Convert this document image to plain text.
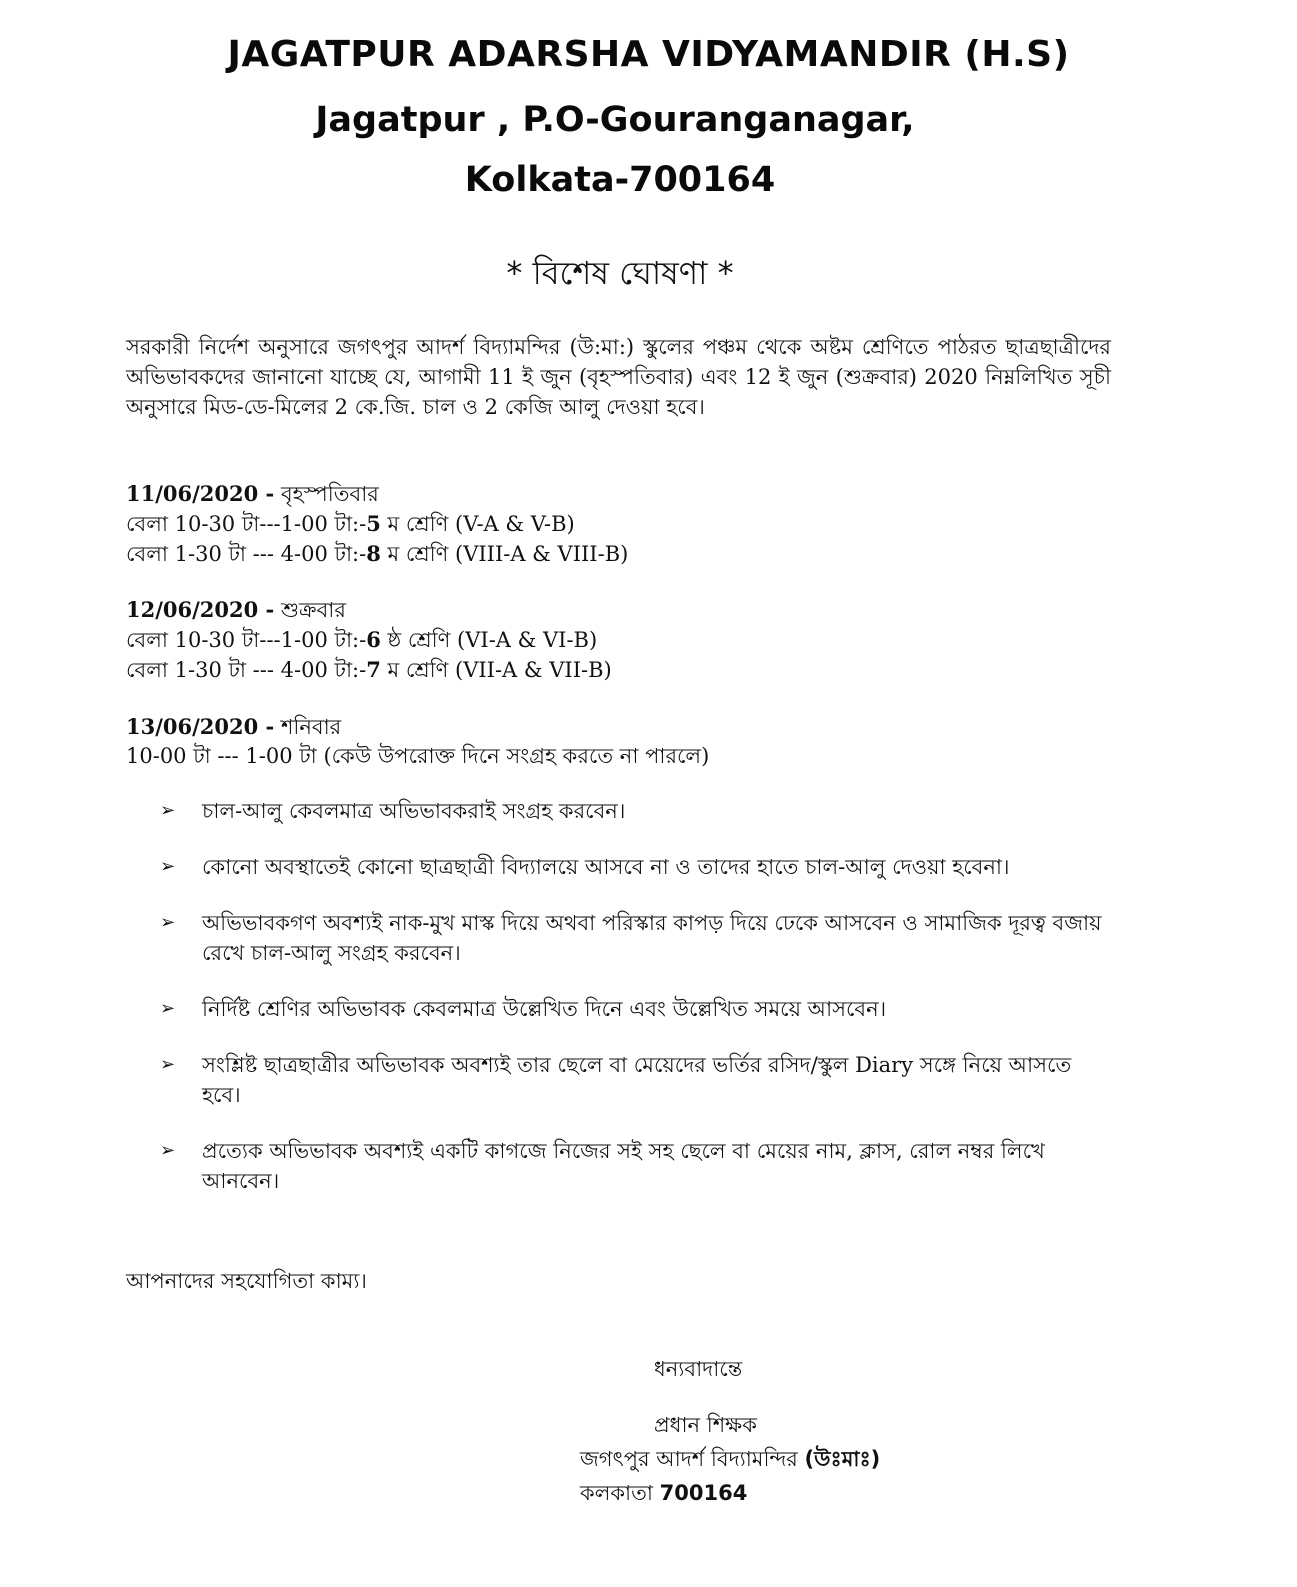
JAGATPUR ADARSHA VIDYAMANDIR (H.S)
Jagatpur , P.O-Gouranganagar,
Kolkata-700164
* বিশেষ ঘোষণা *
সরকারী নির্দেশ অনুসারে জগৎপুর আদর্শ বিদ্যামন্দির (উ:মা:) স্কুলের পঞ্চম থেকে অষ্টম শ্রেণিতে পাঠরত ছাত্রছাত্রীদের অভিভাবকদের জানানো যাচ্ছে যে, আগামী 11 ই জুন (বৃহস্পতিবার) এবং 12 ই জুন (শুক্রবার) 2020 নিম্নলিখিত সূচী অনুসারে মিড-ডে-মিলের 2 কে.জি. চাল ও 2 কেজি আলু দেওয়া হবে।
11/06/2020 - বৃহস্পতিবার
বেলা 10-30 টা---1-00 টা:-5 ম শ্রেণি (V-A & V-B)
বেলা 1-30 টা --- 4-00 টা:-8 ম শ্রেণি (VIII-A & VIII-B)
12/06/2020 - শুক্রবার
বেলা 10-30 টা---1-00 টা:-6 ষ্ঠ শ্রেণি (VI-A & VI-B)
বেলা 1-30 টা --- 4-00 টা:-7 ম শ্রেণি (VII-A & VII-B)
13/06/2020 - শনিবার
10-00 টা --- 1-00 টা (কেউ উপরোক্ত দিনে সংগ্রহ করতে না পারলে)
➢ চাল-আলু কেবলমাত্র অভিভাবকরাই সংগ্রহ করবেন।
➢ কোনো অবস্থাতেই কোনো ছাত্রছাত্রী বিদ্যালয়ে আসবে না ও তাদের হাতে চাল-আলু দেওয়া হবেনা।
➢ অভিভাবকগণ অবশ্যই নাক-মুখ মাস্ক দিয়ে অথবা পরিস্কার কাপড় দিয়ে ঢেকে আসবেন ও সামাজিক দূরত্ব বজায় রেখে চাল-আলু সংগ্রহ করবেন।
➢ নির্দিষ্ট শ্রেণির অভিভাবক কেবলমাত্র উল্লেখিত দিনে এবং উল্লেখিত সময়ে আসবেন।
➢ সংশ্লিষ্ট ছাত্রছাত্রীর অভিভাবক অবশ্যই তার ছেলে বা মেয়েদের ভর্তির রসিদ/স্কুল Diary সঙ্গে নিয়ে আসতে হবে।
➢ প্রত্যেক অভিভাবক অবশ্যই একটি কাগজে নিজের সই সহ ছেলে বা মেয়ের নাম, ক্লাস, রোল নম্বর লিখে আনবেন।
আপনাদের সহযোগিতা কাম্য।
ধন্যবাদান্তে
প্রধান শিক্ষক
জগৎপুর আদর্শ বিদ্যামন্দির (উঃমাঃ)
কলকাতা 700164
